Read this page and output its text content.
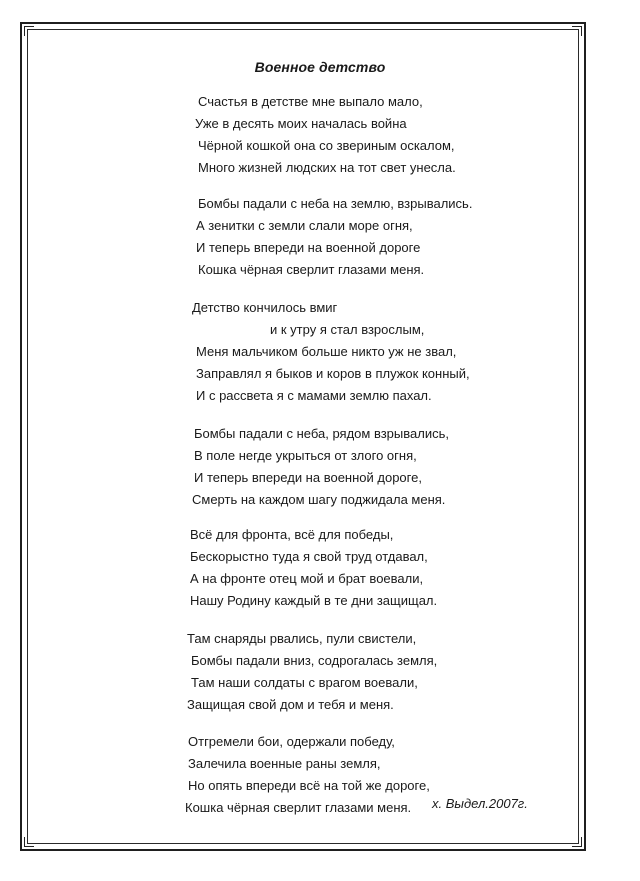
Военное детство
Счастья в детстве мне выпало мало,
Уже в десять моих началась война
Чёрной кошкой она со звериным оскалом,
Много жизней людских на тот свет унесла.
Бомбы падали с неба на землю, взрывались.
А зенитки с земли слали море огня,
И теперь впереди на военной дороге
Кошка чёрная сверлит глазами меня.
Детство кончилось вмиг
и к утру я стал взрослым,
Меня мальчиком больше никто уж не звал,
Заправлял я быков и коров в плужок конный,
И с рассвета я с мамами землю пахал.
Бомбы падали с неба, рядом взрывались,
В поле негде укрыться от злого огня,
И теперь впереди на военной дороге,
Смерть на каждом шагу поджидала меня.
Всё для фронта, всё для победы,
Бескорыстно туда я свой труд отдавал,
А на фронте отец мой и брат воевали,
Нашу Родину каждый в те дни защищал.
Там снаряды рвались, пули свистели,
Бомбы падали вниз, содрогалась земля,
Там наши солдаты с врагом воевали,
Защищая свой дом и тебя и меня.
Отгремели бои, одержали победу,
Залечила военные раны земля,
Но опять впереди всё на той же дороге,
Кошка чёрная сверлит глазами меня. х. Выдел.2007г.
